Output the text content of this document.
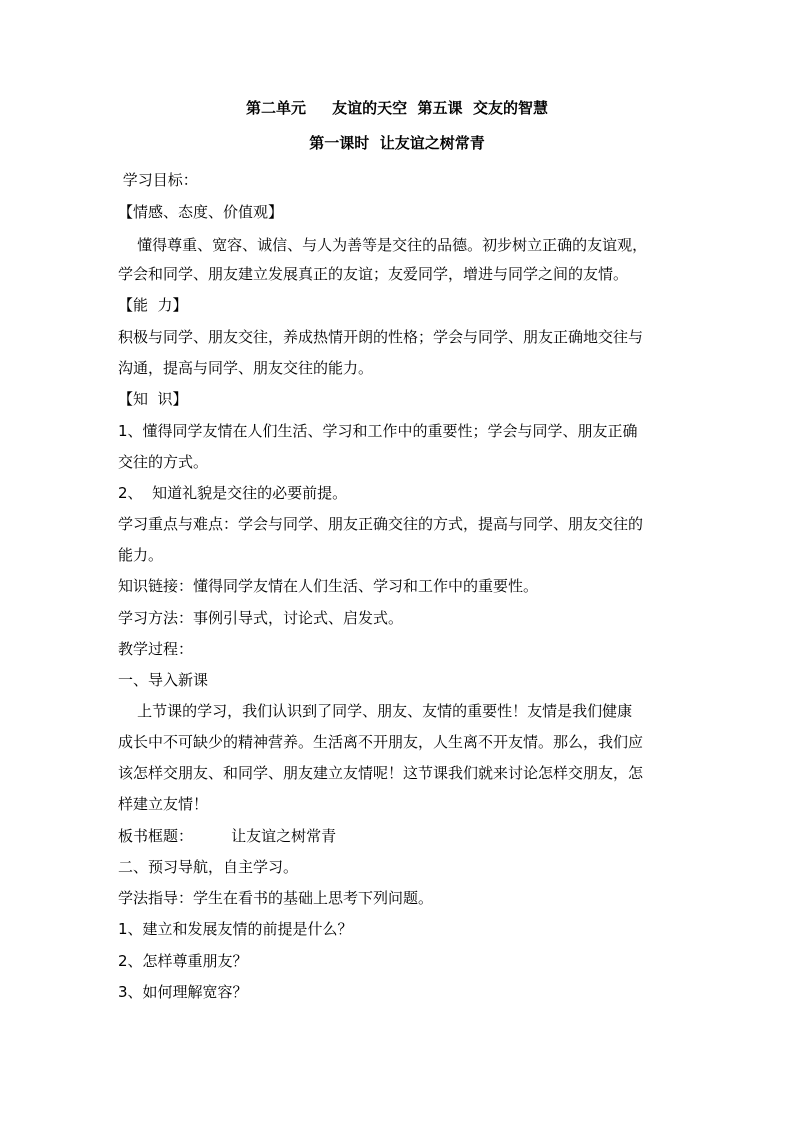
第二单元     友谊的天空  第五课  交友的智慧
第一课时  让友谊之树常青
学习目标：
【情感、态度、价值观】
懂得尊重、宽容、诚信、与人为善等是交往的品德。初步树立正确的友谊观，
学会和同学、朋友建立发展真正的友谊；友爱同学，增进与同学之间的友情。
【能  力】
积极与同学、朋友交往，养成热情开朗的性格；学会与同学、朋友正确地交往与
沟通，提高与同学、朋友交往的能力。
【知  识】
1、懂得同学友情在人们生活、学习和工作中的重要性；学会与同学、朋友正确
交往的方式。
2、  知道礼貌是交往的必要前提。
学习重点与难点：学会与同学、朋友正确交往的方式，提高与同学、朋友交往的
能力。
知识链接：懂得同学友情在人们生活、学习和工作中的重要性。
学习方法：事例引导式，讨论式、启发式。
教学过程：
一、导入新课
上节课的学习，我们认识到了同学、朋友、友情的重要性！友情是我们健康
成长中不可缺少的精神营养。生活离不开朋友，人生离不开友情。那么，我们应
该怎样交朋友、和同学、朋友建立友情呢！这节课我们就来讨论怎样交朋友，怎
样建立友情！
板书框题：        让友谊之树常青
二、预习导航，自主学习。
学法指导：学生在看书的基础上思考下列问题。
1、建立和发展友情的前提是什么？
2、怎样尊重朋友？
3、如何理解宽容？
